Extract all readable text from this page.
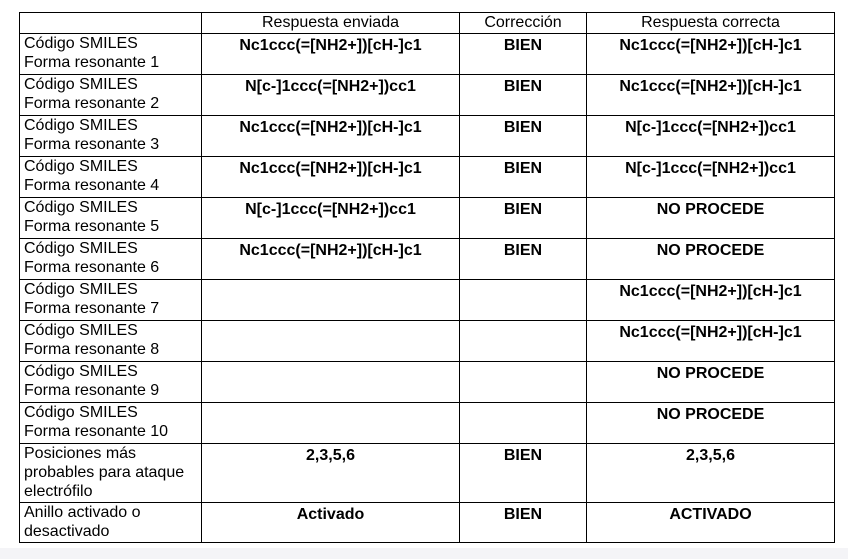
	Respuesta enviada	Corrección	Respuesta correcta
Código SMILES
Forma resonante 1	Nc1ccc(=[NH2+])[cH-]c1	BIEN	Nc1ccc(=[NH2+])[cH-]c1
Código SMILES
Forma resonante 2	N[c-]1ccc(=[NH2+])cc1	BIEN	Nc1ccc(=[NH2+])[cH-]c1
Código SMILES
Forma resonante 3	Nc1ccc(=[NH2+])[cH-]c1	BIEN	N[c-]1ccc(=[NH2+])cc1
Código SMILES
Forma resonante 4	Nc1ccc(=[NH2+])[cH-]c1	BIEN	N[c-]1ccc(=[NH2+])cc1
Código SMILES
Forma resonante 5	N[c-]1ccc(=[NH2+])cc1	BIEN	NO PROCEDE
Código SMILES
Forma resonante 6	Nc1ccc(=[NH2+])[cH-]c1	BIEN	NO PROCEDE
Código SMILES
Forma resonante 7			Nc1ccc(=[NH2+])[cH-]c1
Código SMILES
Forma resonante 8			Nc1ccc(=[NH2+])[cH-]c1
Código SMILES
Forma resonante 9			NO PROCEDE
Código SMILES
Forma resonante 10			NO PROCEDE
Posiciones más
probables para ataque
electrófilo	2,3,5,6	BIEN	2,3,5,6
Anillo activado o
desactivado	Activado	BIEN	ACTIVADO
